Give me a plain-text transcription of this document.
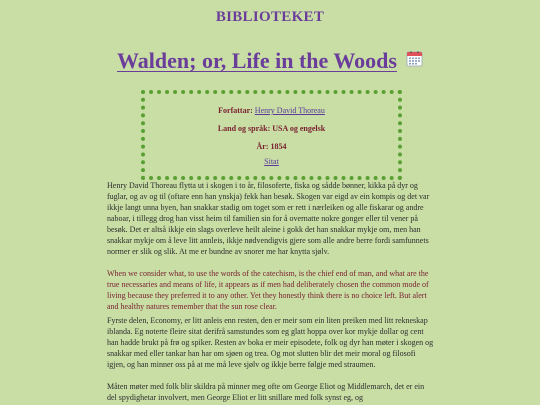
BIBLIOTEKET
Walden; or, Life in the Woods
Forfattar: Henry David Thoreau
Land og språk: USA og engelsk
År: 1854
Sitat

Henry David Thoreau flytta ut i skogen i to år, filosoferte, fiska og sådde bønner, kikka på dyr og fuglar, og av og til (oftare enn han ynskja) fekk han besøk. Skogen var eigd av ein kompis og det var ikkje langt unna byen, han snakkar stadig om toget som er rett i nærleiken og alle fiskarar og andre naboar, i tillegg drog han visst heim til familien sin for å overnatte nokre gonger eller til vener på besøk. Det er altså ikkje ein slags overleve heilt aleine i gokk det han snakkar mykje om, men han snakkar mykje om å leve litt annleis, ikkje nødvendigvis gjere som alle andre berre fordi samfunnets normer er slik og slik. At me er bundne av snorer me har knytta sjølv.

When we consider what, to use the words of the catechism, is the chief end of man, and what are the true necessaries and means of life, it appears as if men had deliberately chosen the common mode of living because they preferred it to any other. Yet they honestly think there is no choice left. But alert and healthy natures remember that the sun rose clear.

Fyrste delen, Economy, er litt anleis enn resten, den er meir som ein liten preiken med litt rekneskap iblanda. Eg noterte fleire sitat derifrå samstundes som eg glatt hoppa over kor mykje dollar og cent han hadde brukt på frø og spiker. Resten av boka er meir episodete, folk og dyr han møter i skogen og snakkar med eller tankar han har om sjøen og trea. Og mot slutten blir det meir moral og filosofi igjen, og han minner oss på at me må leve sjølv og ikkje berre følgje med straumen.

Måten møter med folk blir skildra på minner meg ofte om George Eliot og Middlemarch, det er ein del spydighetar involvert, men George Eliot er litt snillare med folk synst eg, og
